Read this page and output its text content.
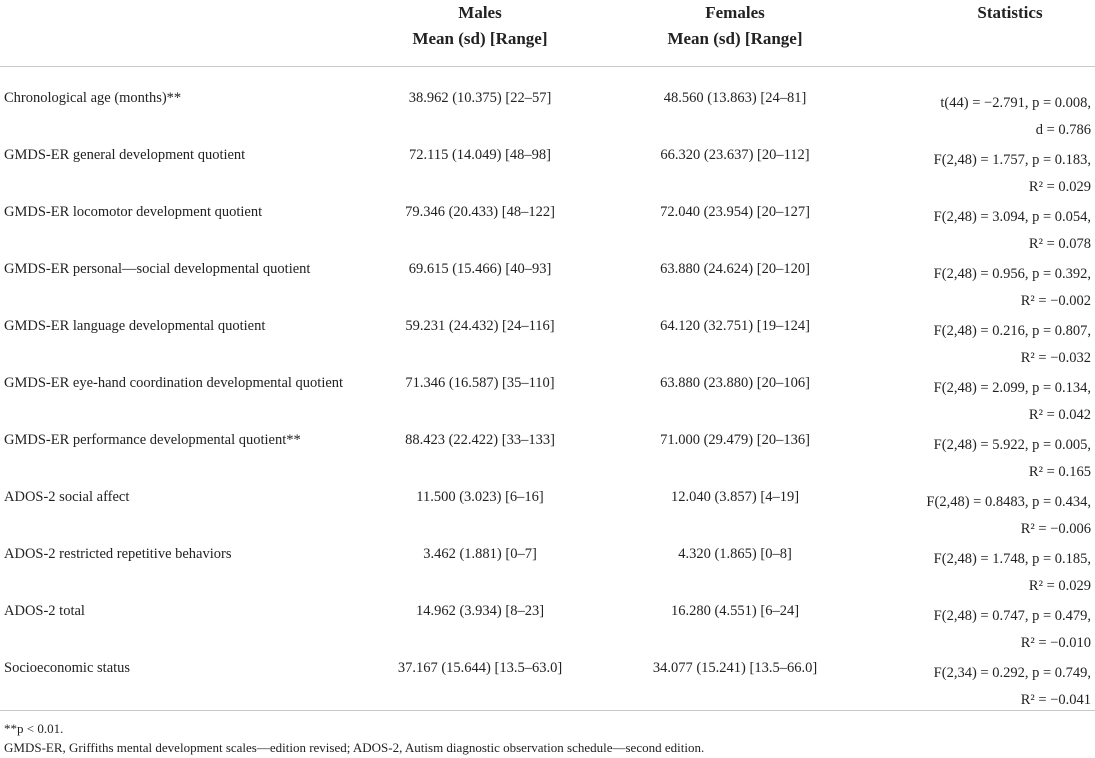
Males
Mean (sd) [Range]
Females
Mean (sd) [Range]
Statistics
Chronological age (months)**	38.962 (10.375) [22–57]	48.560 (13.863) [24–81]	t(44) = −2.791, p = 0.008,
d = 0.786
GMDS-ER general development quotient	72.115 (14.049) [48–98]	66.320 (23.637) [20–112]	F(2,48) = 1.757, p = 0.183,
R² = 0.029
GMDS-ER locomotor development quotient	79.346 (20.433) [48–122]	72.040 (23.954) [20–127]	F(2,48) = 3.094, p = 0.054,
R² = 0.078
GMDS-ER personal—social developmental quotient	69.615 (15.466) [40–93]	63.880 (24.624) [20–120]	F(2,48) = 0.956, p = 0.392,
R² = −0.002
GMDS-ER language developmental quotient	59.231 (24.432) [24–116]	64.120 (32.751) [19–124]	F(2,48) = 0.216, p = 0.807,
R² = −0.032
GMDS-ER eye-hand coordination developmental quotient	71.346 (16.587) [35–110]	63.880 (23.880) [20–106]	F(2,48) = 2.099, p = 0.134,
R² = 0.042
GMDS-ER performance developmental quotient**	88.423 (22.422) [33–133]	71.000 (29.479) [20–136]	F(2,48) = 5.922, p = 0.005,
R² = 0.165
ADOS-2 social affect	11.500 (3.023) [6–16]	12.040 (3.857) [4–19]	F(2,48) = 0.8483, p = 0.434,
R² = −0.006
ADOS-2 restricted repetitive behaviors	3.462 (1.881) [0–7]	4.320 (1.865) [0–8]	F(2,48) = 1.748, p = 0.185,
R² = 0.029
ADOS-2 total	14.962 (3.934) [8–23]	16.280 (4.551) [6–24]	F(2,48) = 0.747, p = 0.479,
R² = −0.010
Socioeconomic status	37.167 (15.644) [13.5–63.0]	34.077 (15.241) [13.5–66.0]	F(2,34) = 0.292, p = 0.749,
R² = −0.041
**p < 0.01.
GMDS-ER, Griffiths mental development scales—edition revised; ADOS-2, Autism diagnostic observation schedule—second edition.
